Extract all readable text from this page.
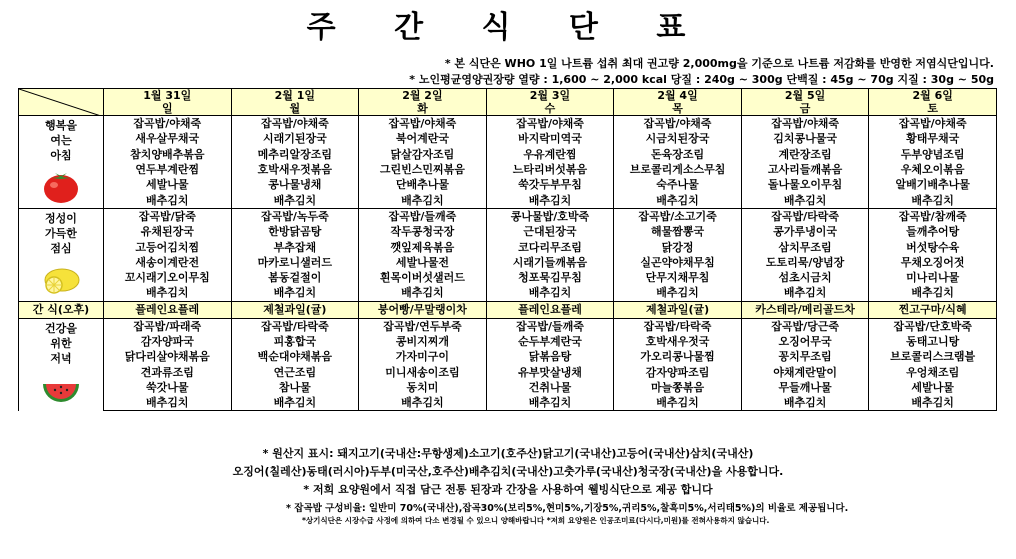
주 간 식 단 표
* 본 식단은 WHO 1일 나트륨 섭취 최대 권고량 2,000mg을 기준으로 나트륨 저감화를 반영한 저염식단입니다.
* 노인평균영양권장량 열량 : 1,600 ~ 2,000 kcal 당질 : 240g ~ 300g 단백질 : 45g ~ 70g 지질 : 30g ~ 50g
	1월 31일	2월 1일	2월 2일	2월 3일	2월 4일	2월 5일	2월 6일
	일	월	화	수	목	금	토

행복을
여는
아침	잡곡밥/야채죽	잡곡밥/야채죽	잡곡밥/야채죽	잡곡밥/야채죽	잡곡밥/야채죽	잡곡밥/야채죽	잡곡밥/야채죽
	새우살무채국	시래기된장국	북어계란국	바지락미역국	시금치된장국	김치콩나물국	황태무채국
	참치양배추볶음	메추리알장조림	닭살감자조림	우유계란찜	돈육장조림	계란장조림	두부양념조림
	연두부계란찜	호박새우젓볶음	그린빈스민찌볶음	느타리버섯볶음	브로콜리게소스무침	고사리들깨볶음	우체오이볶음
	세발나물	콩나물냉채	단배추나물	쑥갓두부무침	숙주나물	돌나물오이무침	알배기배추나물
	배추김치	배추김치	배추김치	배추김치	배추김치	배추김치	배추김치

정성이
가득한
점심	잡곡밥/닭죽	잡곡밥/녹두죽	잡곡밥/들깨죽	콩나물밥/호박죽	잡곡밥/소고기죽	잡곡밥/타락죽	잡곡밥/참깨죽
	유채된장국	한방닭곰탕	작두콩청국장	근대된장국	해물짬뽕국	콩가루냉이국	들깨추어탕
	고등어김치찜	부추잡채	깻잎제육볶음	코다리무조림	닭강정	삼치무조림	버섯탕수육
	새송이계란전	마카로니샐러드	세발나물전	시래기들깨볶음	실곤약야채무침	도토리묵/양념장	무채오징어젓
	꼬시래기오이무침	봄동겉절이	흰목이버섯샐러드	청포묵김무침	단무지채무침	섬초시금치	미나리나물
	배추김치	배추김치	배추김치	배추김치	배추김치	배추김치	배추김치
간 식(오후)	플레인요플레	제철과일(귤)	붕어빵/무말랭이차	플레인요플레	제철과일(귤)	카스테라/메리골드차	찐고구마/식혜

건강을
위한
저녁	잡곡밥/파래죽	잡곡밥/타락죽	잡곡밥/연두부죽	잡곡밥/들깨죽	잡곡밥/타락죽	잡곡밥/당근죽	잡곡밥/단호박죽
	감자양파국	피홍합국	콩비지찌개	순두부계란국	호박새우젓국	오징어무국	동태고니탕
	닭다리살야채볶음	백순대야채볶음	가자미구이	닭볶음탕	가오리콩나물찜	꽁치무조림	브로콜리스크램블
	견과류조림	연근조림	미니새송이조림	유부맛살냉채	감자양파조림	야채계란말이	우엉채조림
	쑥갓나물	참나물	동치미	건취나물	마늘쫑볶음	무들깨나물	세발나물
	배추김치	배추김치	배추김치	배추김치	배추김치	배추김치	배추김치
* 원산지 표시: 돼지고기(국내산:무항생제)소고기(호주산)닭고기(국내산)고등어(국내산)삼치(국내산)
오징어(칠레산)동태(러시아)두부(미국산,호주산)배추김치(국내산)고춧가루(국내산)청국장(국내산)을 사용합니다.
* 저희 요양원에서 직접 담근 전통 된장과 간장을 사용하여 웰빙식단으로 제공 합니다
* 잡곡밥 구성비율: 일반미 70%(국내산),잡곡30%(보리5%,현미5%,기장5%,귀리5%,찰흑미5%,서리태5%)의 비율로 제공됩니다.
*상기식단은 시장수급 사정에 의하여 다소 변경될 수 있으니 양해바랍니다 *저희 요양원은 인공조미료(다시다,미원)를 전혀사용하지 않습니다.
